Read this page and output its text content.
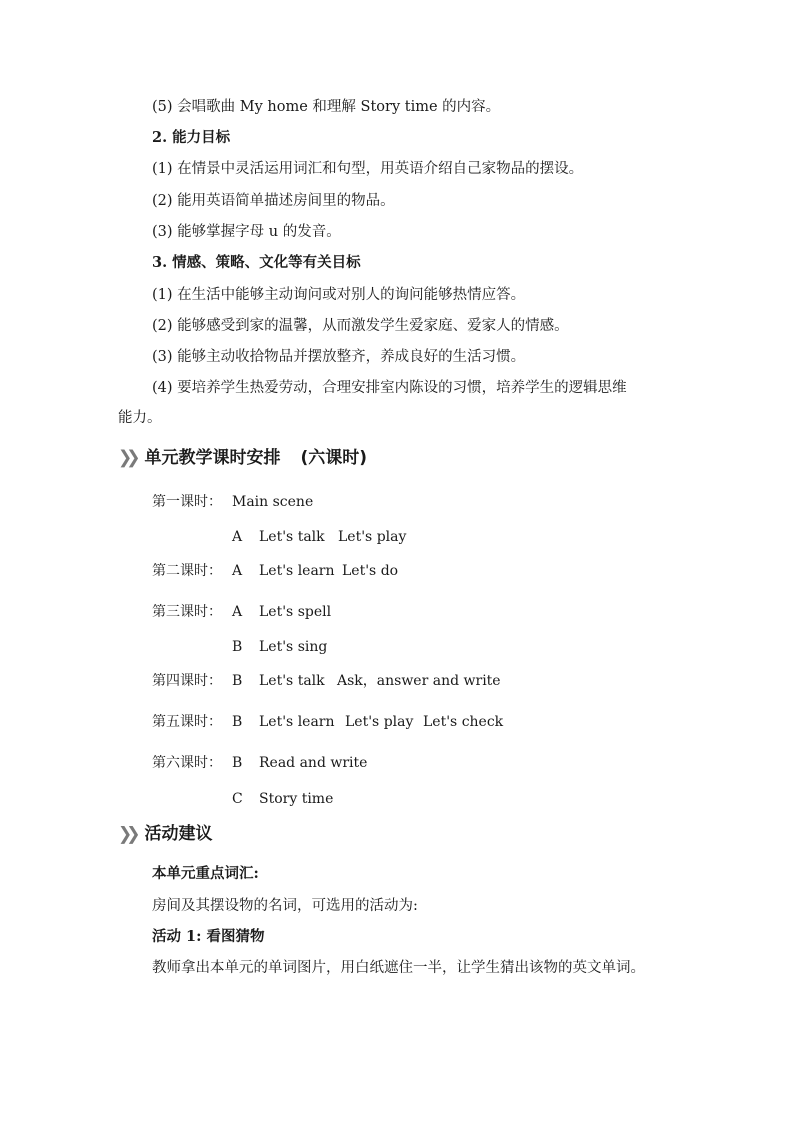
(5) 会唱歌曲 My home 和理解 Story time 的内容。
2. 能力目标
(1) 在情景中灵活运用词汇和句型，用英语介绍自己家物品的摆设。
(2) 能用英语简单描述房间里的物品。
(3) 能够掌握字母 u 的发音。
3. 情感、策略、文化等有关目标
(1) 在生活中能够主动询问或对别人的询问能够热情应答。
(2) 能够感受到家的温馨，从而激发学生爱家庭、爱家人的情感。
(3) 能够主动收拾物品并摆放整齐，养成良好的生活习惯。
(4) 要培养学生热爱劳动，合理安排室内陈设的习惯，培养学生的逻辑思维
能力。
❯❯ 单元教学课时安排 (六课时)
第一课时： Main scene
A Let's talk Let's play
第二课时： A Let's learn Let's do
第三课时： A Let's spell
B Let's sing
第四课时： B Let's talk Ask，answer and write
第五课时： B Let's learn Let's play Let's check
第六课时： B Read and write
C Story time
❯❯ 活动建议
本单元重点词汇:
房间及其摆设物的名词，可选用的活动为:
活动 1: 看图猜物
教师拿出本单元的单词图片，用白纸遮住一半，让学生猜出该物的英文单词。
